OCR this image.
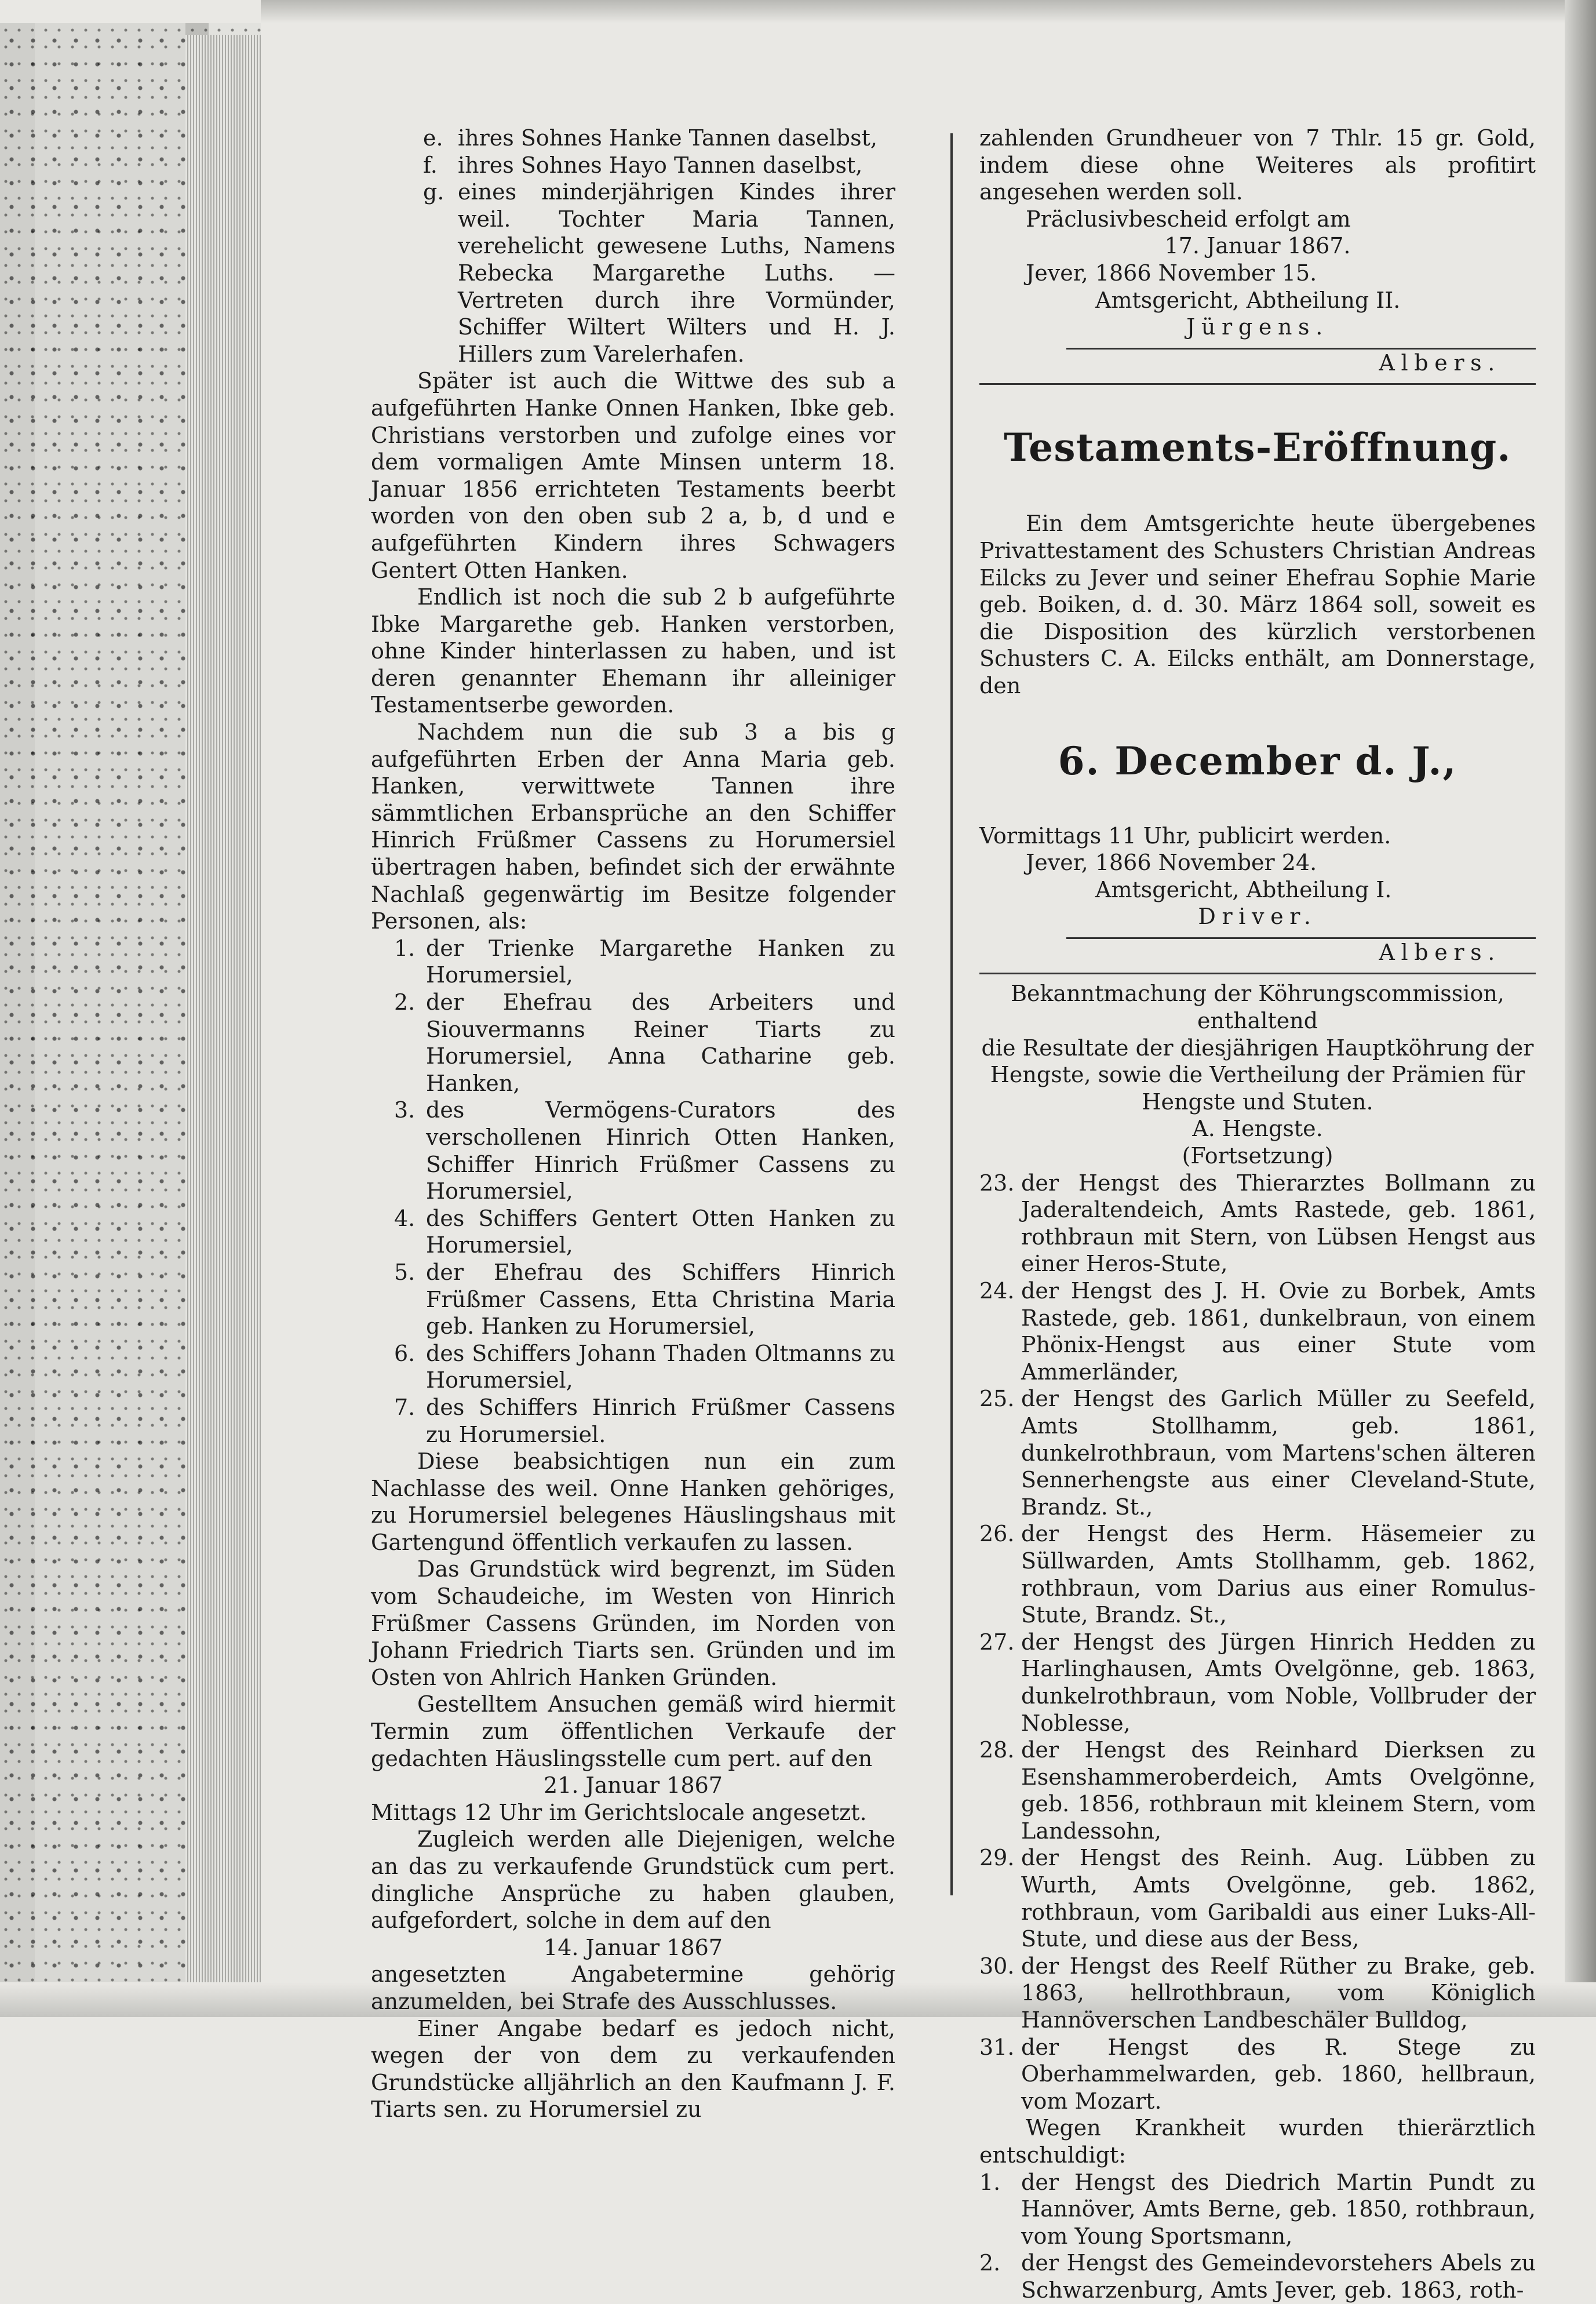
e. ihres Sohnes Hanke Tannen daselbst,

f. ihres Sohnes Hayo Tannen daselbst,

g. eines minderjährigen Kindes ihrer weil. Tochter Maria Tannen, verehelicht gewesene Luths, Namens Rebecka Margarethe Luths. — Vertreten durch ihre Vormünder, Schiffer Wiltert Wilters und H. J. Hillers zum Varelerhafen.

Später ist auch die Wittwe des sub a aufgeführten Hanke Onnen Hanken, Ibke geb. Christians verstorben und zufolge eines vor dem vormaligen Amte Minsen unterm 18. Januar 1856 errichteten Testaments beerbt worden von den oben sub 2 a, b, d und e aufgeführten Kindern ihres Schwagers Gentert Otten Hanken.

Endlich ist noch die sub 2 b aufgeführte Ibke Margarethe geb. Hanken verstorben, ohne Kinder hinterlassen zu haben, und ist deren genannter Ehemann ihr alleiniger Testamentserbe geworden.

Nachdem nun die sub 3 a bis g aufgeführten Erben der Anna Maria geb. Hanken, verwittwete Tannen ihre sämmtlichen Erbansprüche an den Schiffer Hinrich Früßmer Cassens zu Horumersiel übertragen haben, befindet sich der erwähnte Nachlaß gegenwärtig im Besitze folgender Personen, als:

1. der Trienke Margarethe Hanken zu Horumersiel,

2. der Ehefrau des Arbeiters und Siouvermanns Reiner Tiarts zu Horumersiel, Anna Catharine geb. Hanken,

3. des Vermögens-Curators des verschollenen Hinrich Otten Hanken, Schiffer Hinrich Früßmer Cassens zu Horumersiel,

4. des Schiffers Gentert Otten Hanken zu Horumersiel,

5. der Ehefrau des Schiffers Hinrich Früßmer Cassens, Etta Christina Maria geb. Hanken zu Horumersiel,

6. des Schiffers Johann Thaden Oltmanns zu Horumersiel,

7. des Schiffers Hinrich Früßmer Cassens zu Horumersiel.

Diese beabsichtigen nun ein zum Nachlasse des weil. Onne Hanken gehöriges, zu Horumersiel belegenes Häuslingshaus mit Gartengund öffentlich verkaufen zu lassen.

Das Grundstück wird begrenzt, im Süden vom Schaudeiche, im Westen von Hinrich Früßmer Cassens Gründen, im Norden von Johann Friedrich Tiarts sen. Gründen und im Osten von Ahlrich Hanken Gründen.

Gestelltem Ansuchen gemäß wird hiermit Termin zum öffentlichen Verkaufe der gedachten Häuslingsstelle cum pert. auf den

21. Januar 1867

Mittags 12 Uhr im Gerichtslocale angesetzt.

Zugleich werden alle Diejenigen, welche an das zu verkaufende Grundstück cum pert. dingliche Ansprüche zu haben glauben, aufgefordert, solche in dem auf den

14. Januar 1867

angesetzten Angabetermine gehörig anzumelden, bei Strafe des Ausschlusses.

Einer Angabe bedarf es jedoch nicht, wegen der von dem zu verkaufenden Grundstücke alljährlich an den Kaufmann J. F. Tiarts sen. zu Horumersiel zu

zahlenden Grundheuer von 7 Thlr. 15 gr. Gold, indem diese ohne Weiteres als profitirt angesehen werden soll.

Präclusivbescheid erfolgt am

17. Januar 1867.

Jever, 1866 November 15.

Amtsgericht, Abtheilung II.

Jürgens.

Albers.

Testaments-Eröffnung.

Ein dem Amtsgerichte heute übergebenes Privattestament des Schusters Christian Andreas Eilcks zu Jever und seiner Ehefrau Sophie Marie geb. Boiken, d. d. 30. März 1864 soll, soweit es die Disposition des kürzlich verstorbenen Schusters C. A. Eilcks enthält, am Donnerstage, den

6. December d. J.,

Vormittags 11 Uhr, publicirt werden.

Jever, 1866 November 24.

Amtsgericht, Abtheilung I.

Driver.

Albers.

Bekanntmachung der Köhrungscommission,

enthaltend

die Resultate der diesjährigen Hauptköhrung der Hengste, sowie die Vertheilung der Prämien für Hengste und Stuten.

A. Hengste.

(Fortsetzung)

23. der Hengst des Thierarztes Bollmann zu Jaderaltendeich, Amts Rastede, geb. 1861, rothbraun mit Stern, von Lübsen Hengst aus einer Heros-Stute,

24. der Hengst des J. H. Ovie zu Borbek, Amts Rastede, geb. 1861, dunkelbraun, von einem Phönix-Hengst aus einer Stute vom Ammerländer,

25. der Hengst des Garlich Müller zu Seefeld, Amts Stollhamm, geb. 1861, dunkelrothbraun, vom Martens'schen älteren Sennerhengste aus einer Cleveland-Stute, Brandz. St.,

26. der Hengst des Herm. Häsemeier zu Süllwarden, Amts Stollhamm, geb. 1862, rothbraun, vom Darius aus einer Romulus-Stute, Brandz. St.,

27. der Hengst des Jürgen Hinrich Hedden zu Harlinghausen, Amts Ovelgönne, geb. 1863, dunkelrothbraun, vom Noble, Vollbruder der Noblesse,

28. der Hengst des Reinhard Dierksen zu Esenshammeroberdeich, Amts Ovelgönne, geb. 1856, rothbraun mit kleinem Stern, vom Landessohn,

29. der Hengst des Reinh. Aug. Lübben zu Wurth, Amts Ovelgönne, geb. 1862, rothbraun, vom Garibaldi aus einer Luks-All-Stute, und diese aus der Bess,

30. der Hengst des Reelf Rüther zu Brake, geb. 1863, hellrothbraun, vom Königlich Hannöverschen Landbeschäler Bulldog,

31. der Hengst des R. Stege zu Oberhammelwarden, geb. 1860, hellbraun, vom Mozart.

Wegen Krankheit wurden thierärztlich entschuldigt:

1. der Hengst des Diedrich Martin Pundt zu Hannöver, Amts Berne, geb. 1850, rothbraun, vom Young Sportsmann,

2. der Hengst des Gemeindevorstehers Abels zu Schwarzenburg, Amts Jever, geb. 1863, roth-
